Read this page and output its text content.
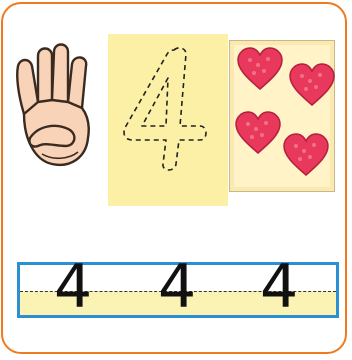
4 4 4
